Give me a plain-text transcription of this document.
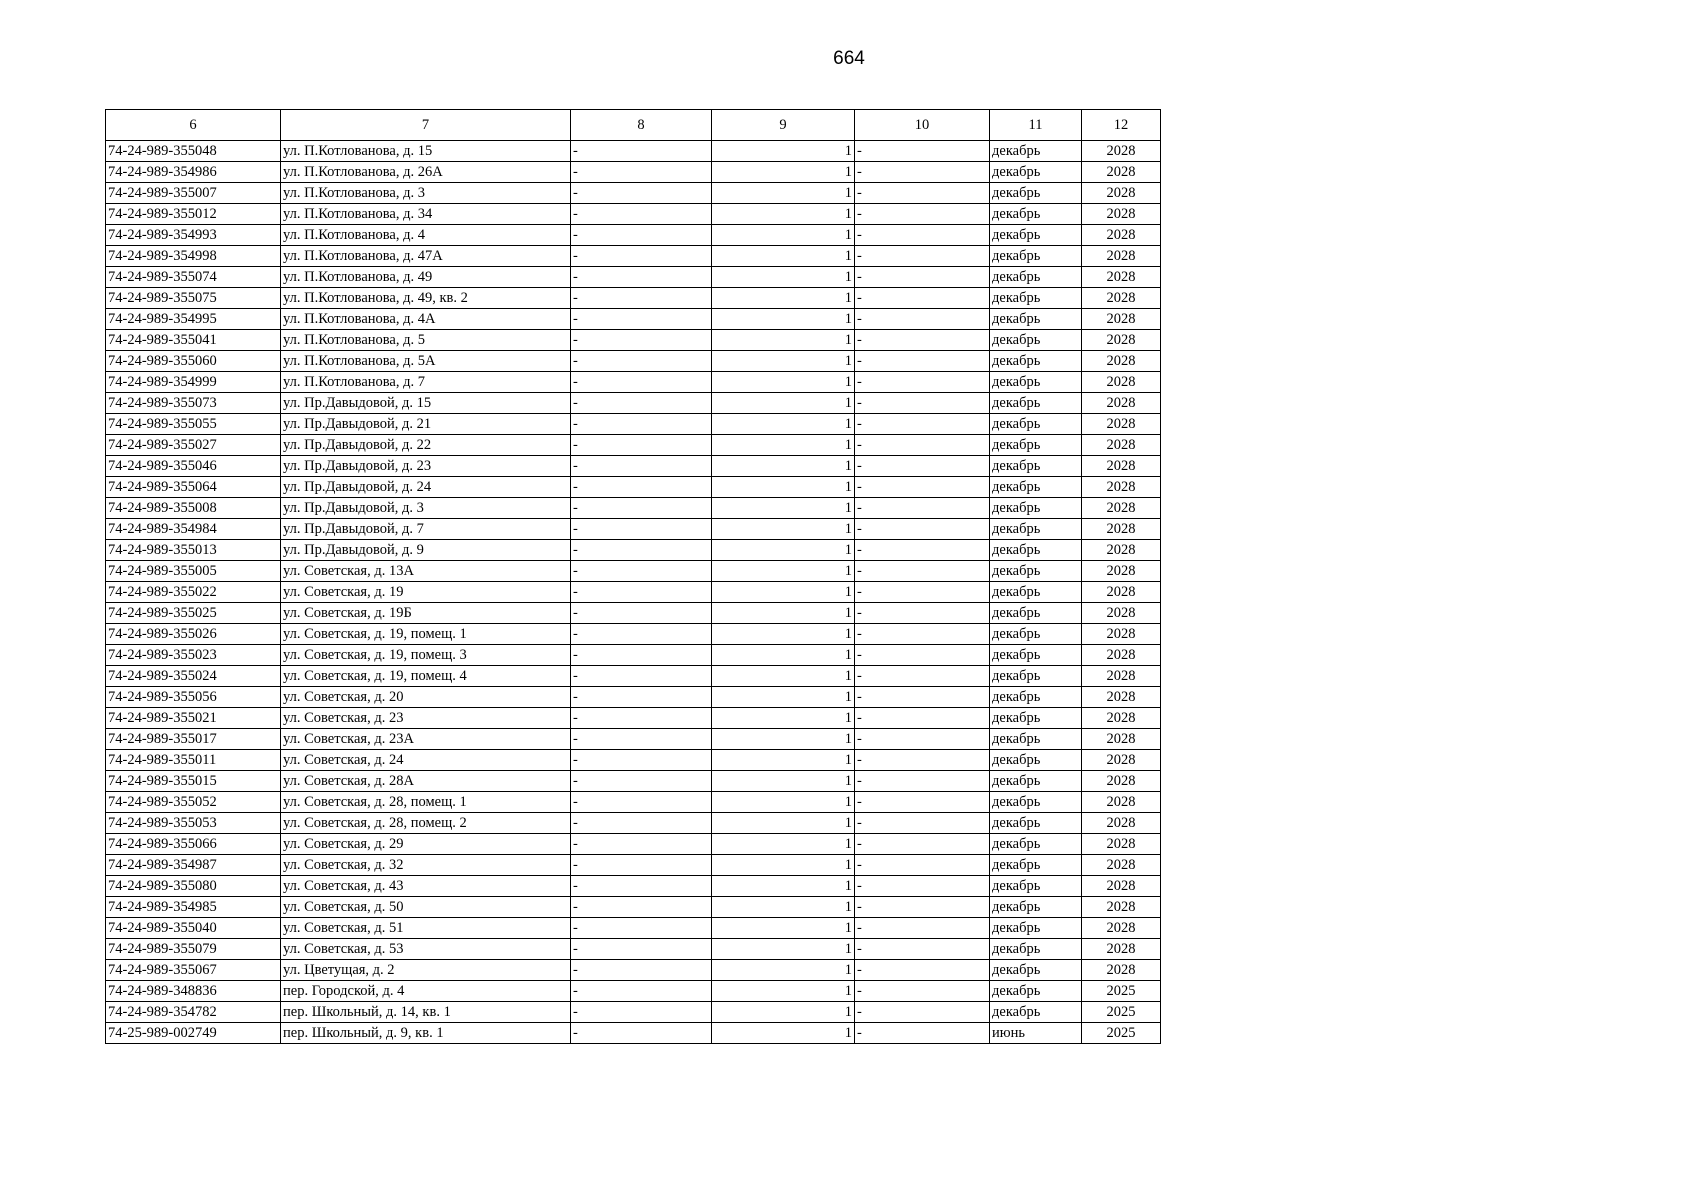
664
6	7	8	9	10	11	12
74-24-989-355048	ул. П.Котлованова, д. 15	-	1	-	декабрь	2028
74-24-989-354986	ул. П.Котлованова, д. 26А	-	1	-	декабрь	2028
74-24-989-355007	ул. П.Котлованова, д. 3	-	1	-	декабрь	2028
74-24-989-355012	ул. П.Котлованова, д. 34	-	1	-	декабрь	2028
74-24-989-354993	ул. П.Котлованова, д. 4	-	1	-	декабрь	2028
74-24-989-354998	ул. П.Котлованова, д. 47А	-	1	-	декабрь	2028
74-24-989-355074	ул. П.Котлованова, д. 49	-	1	-	декабрь	2028
74-24-989-355075	ул. П.Котлованова, д. 49, кв. 2	-	1	-	декабрь	2028
74-24-989-354995	ул. П.Котлованова, д. 4А	-	1	-	декабрь	2028
74-24-989-355041	ул. П.Котлованова, д. 5	-	1	-	декабрь	2028
74-24-989-355060	ул. П.Котлованова, д. 5А	-	1	-	декабрь	2028
74-24-989-354999	ул. П.Котлованова, д. 7	-	1	-	декабрь	2028
74-24-989-355073	ул. Пр.Давыдовой, д. 15	-	1	-	декабрь	2028
74-24-989-355055	ул. Пр.Давыдовой, д. 21	-	1	-	декабрь	2028
74-24-989-355027	ул. Пр.Давыдовой, д. 22	-	1	-	декабрь	2028
74-24-989-355046	ул. Пр.Давыдовой, д. 23	-	1	-	декабрь	2028
74-24-989-355064	ул. Пр.Давыдовой, д. 24	-	1	-	декабрь	2028
74-24-989-355008	ул. Пр.Давыдовой, д. 3	-	1	-	декабрь	2028
74-24-989-354984	ул. Пр.Давыдовой, д. 7	-	1	-	декабрь	2028
74-24-989-355013	ул. Пр.Давыдовой, д. 9	-	1	-	декабрь	2028
74-24-989-355005	ул. Советская, д. 13А	-	1	-	декабрь	2028
74-24-989-355022	ул. Советская, д. 19	-	1	-	декабрь	2028
74-24-989-355025	ул. Советская, д. 19Б	-	1	-	декабрь	2028
74-24-989-355026	ул. Советская, д. 19, помещ. 1	-	1	-	декабрь	2028
74-24-989-355023	ул. Советская, д. 19, помещ. 3	-	1	-	декабрь	2028
74-24-989-355024	ул. Советская, д. 19, помещ. 4	-	1	-	декабрь	2028
74-24-989-355056	ул. Советская, д. 20	-	1	-	декабрь	2028
74-24-989-355021	ул. Советская, д. 23	-	1	-	декабрь	2028
74-24-989-355017	ул. Советская, д. 23А	-	1	-	декабрь	2028
74-24-989-355011	ул. Советская, д. 24	-	1	-	декабрь	2028
74-24-989-355015	ул. Советская, д. 28А	-	1	-	декабрь	2028
74-24-989-355052	ул. Советская, д. 28, помещ. 1	-	1	-	декабрь	2028
74-24-989-355053	ул. Советская, д. 28, помещ. 2	-	1	-	декабрь	2028
74-24-989-355066	ул. Советская, д. 29	-	1	-	декабрь	2028
74-24-989-354987	ул. Советская, д. 32	-	1	-	декабрь	2028
74-24-989-355080	ул. Советская, д. 43	-	1	-	декабрь	2028
74-24-989-354985	ул. Советская, д. 50	-	1	-	декабрь	2028
74-24-989-355040	ул. Советская, д. 51	-	1	-	декабрь	2028
74-24-989-355079	ул. Советская, д. 53	-	1	-	декабрь	2028
74-24-989-355067	ул. Цветущая, д. 2	-	1	-	декабрь	2028
74-24-989-348836	пер. Городской, д. 4	-	1	-	декабрь	2025
74-24-989-354782	пер. Школьный, д. 14, кв. 1	-	1	-	декабрь	2025
74-25-989-002749	пер. Школьный, д. 9, кв. 1	-	1	-	июнь	2025
